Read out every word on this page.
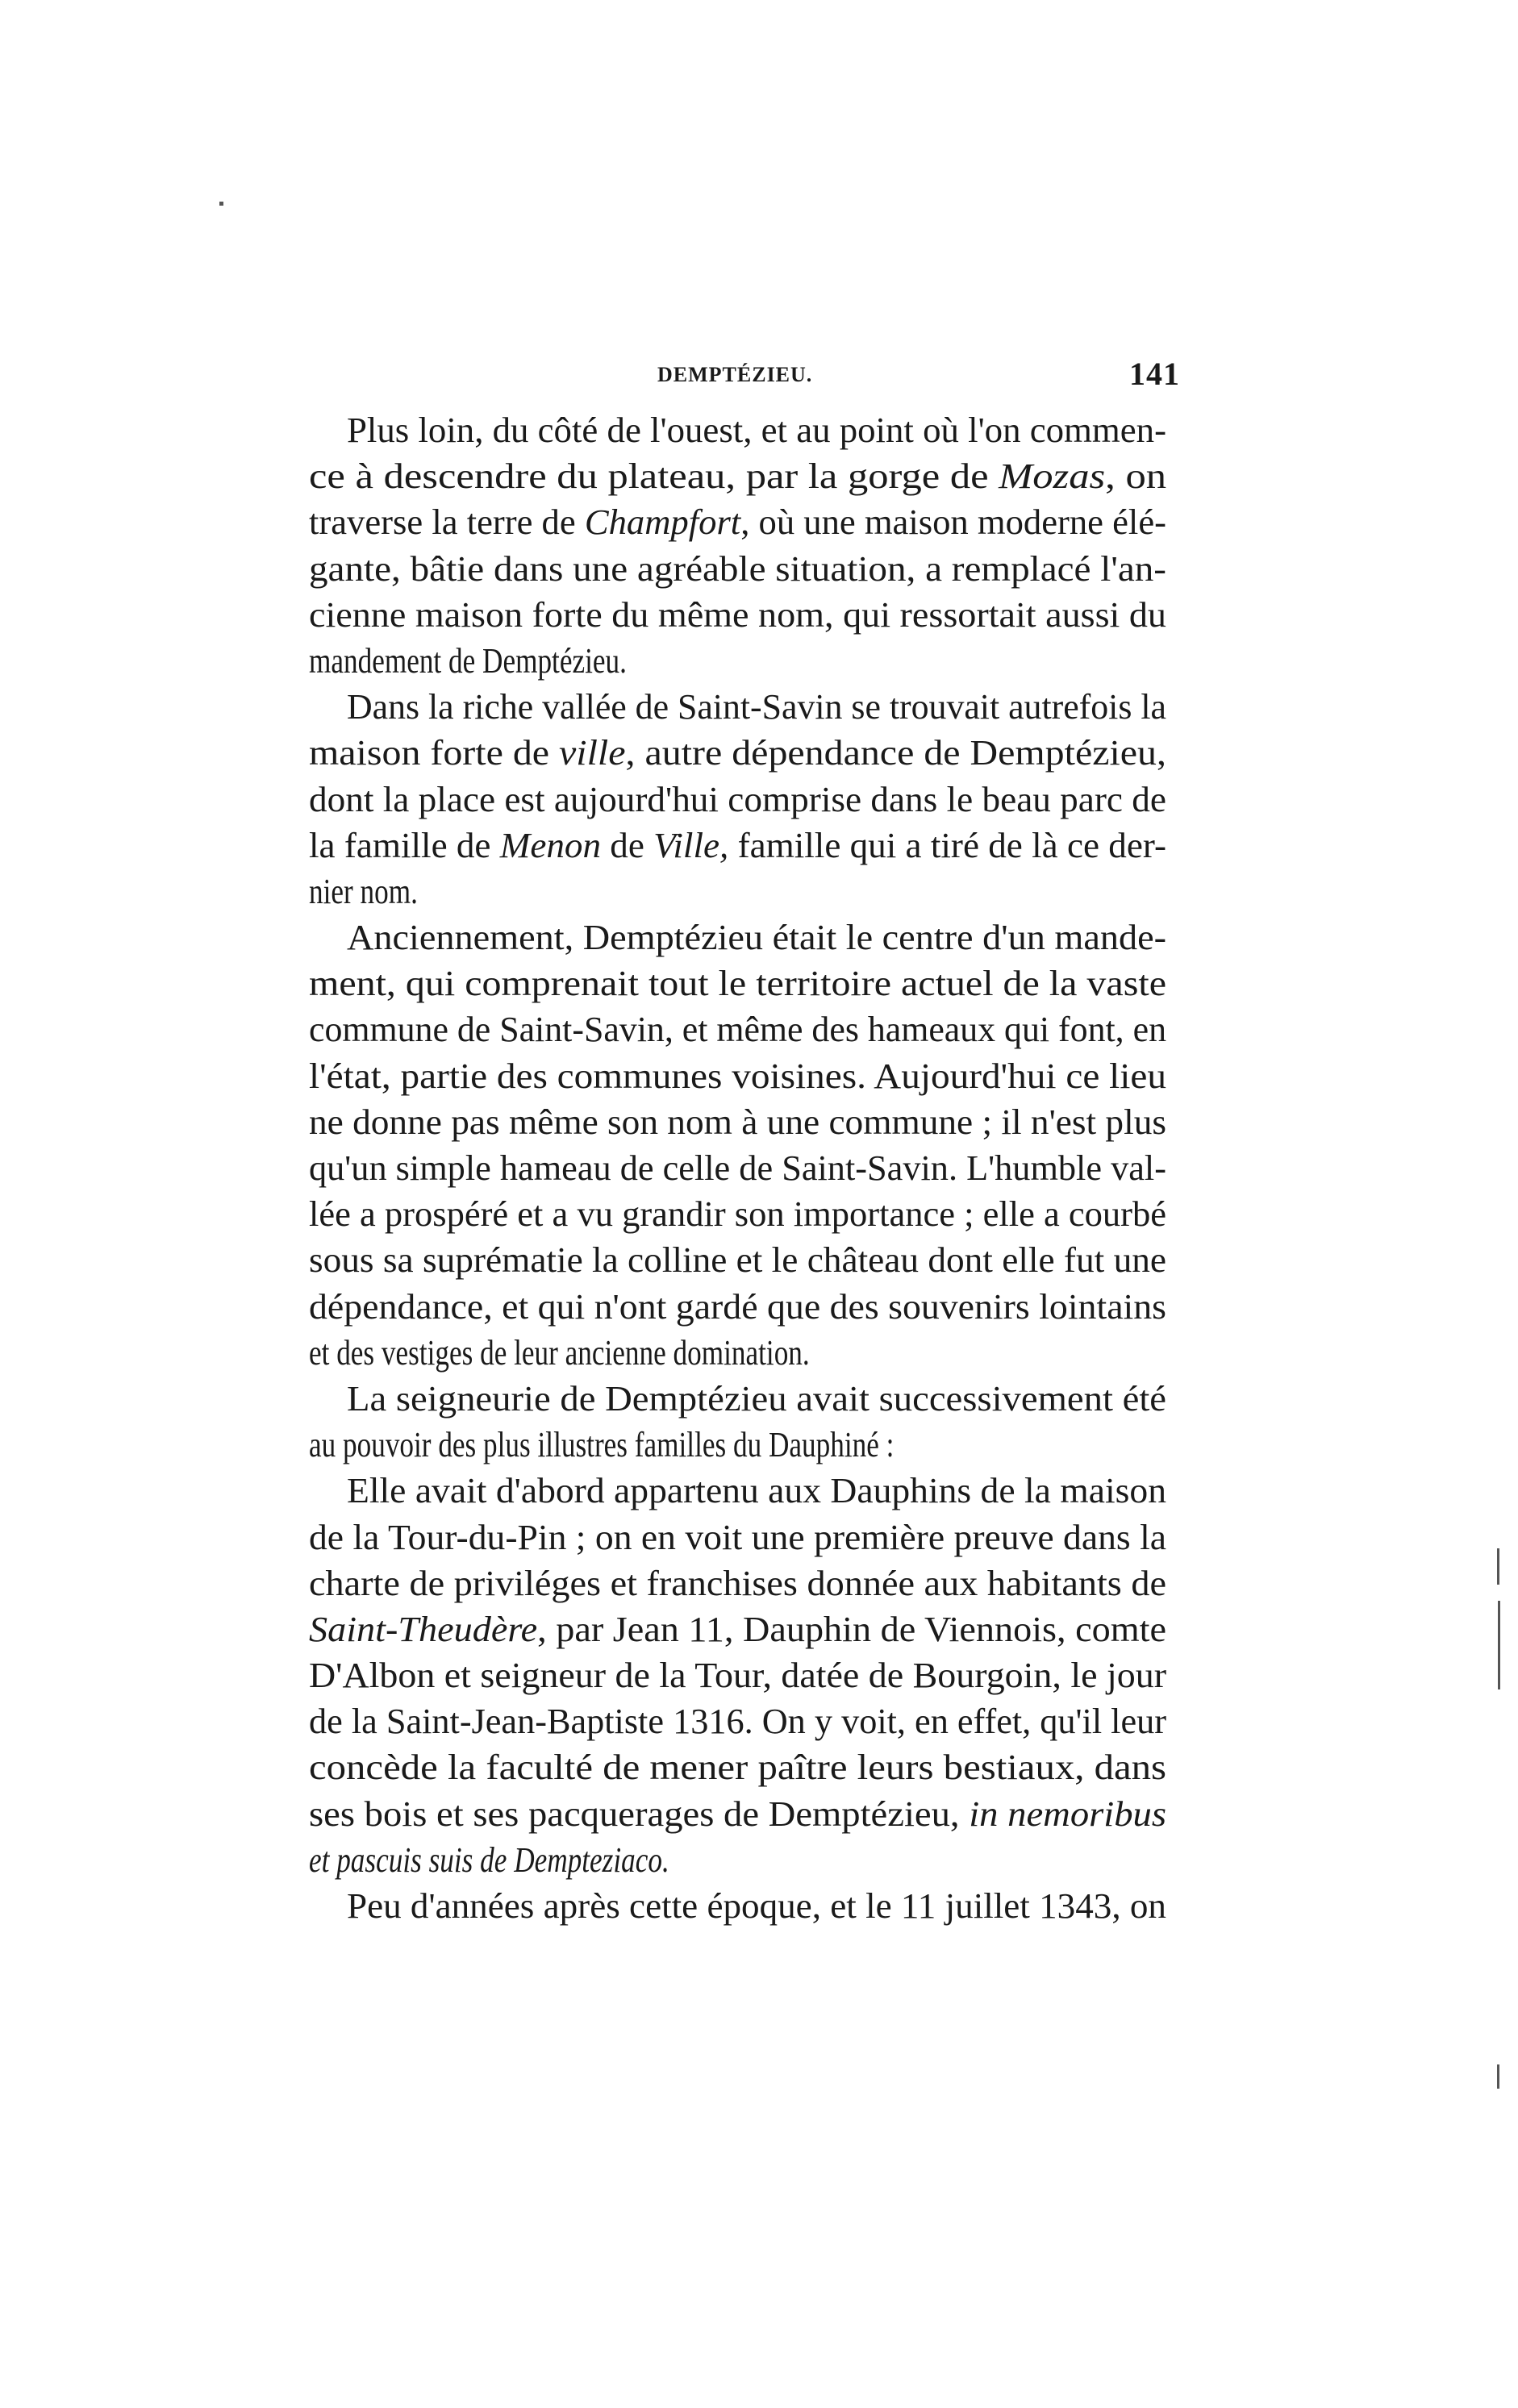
DEMPTÉZIEU.	141
Plus loin, du côté de l'ouest, et au point où l'on commen-
ce à descendre du plateau, par la gorge de Mozas, on
traverse la terre de Champfort, où une maison moderne élé-
gante, bâtie dans une agréable situation, a remplacé l'an-
cienne maison forte du même nom, qui ressortait aussi du
mandement de Demptézieu.
Dans la riche vallée de Saint-Savin se trouvait autrefois la
maison forte de ville, autre dépendance de Demptézieu,
dont la place est aujourd'hui comprise dans le beau parc de
la famille de Menon de Ville, famille qui a tiré de là ce der-
nier nom.
Anciennement, Demptézieu était le centre d'un mande-
ment, qui comprenait tout le territoire actuel de la vaste
commune de Saint-Savin, et même des hameaux qui font, en
l'état, partie des communes voisines. Aujourd'hui ce lieu
ne donne pas même son nom à une commune ; il n'est plus
qu'un simple hameau de celle de Saint-Savin. L'humble val-
lée a prospéré et a vu grandir son importance ; elle a courbé
sous sa suprématie la colline et le château dont elle fut une
dépendance, et qui n'ont gardé que des souvenirs lointains
et des vestiges de leur ancienne domination.
La seigneurie de Demptézieu avait successivement été
au pouvoir des plus illustres familles du Dauphiné :
Elle avait d'abord appartenu aux Dauphins de la maison
de la Tour-du-Pin ; on en voit une première preuve dans la
charte de priviléges et franchises donnée aux habitants de
Saint-Theudère, par Jean 11, Dauphin de Viennois, comte
D'Albon et seigneur de la Tour, datée de Bourgoin, le jour
de la Saint-Jean-Baptiste 1316. On y voit, en effet, qu'il leur
concède la faculté de mener paître leurs bestiaux, dans
ses bois et ses pacquerages de Demptézieu, in nemoribus
et pascuis suis de Dempteziaco.
Peu d'années après cette époque, et le 11 juillet 1343, on
